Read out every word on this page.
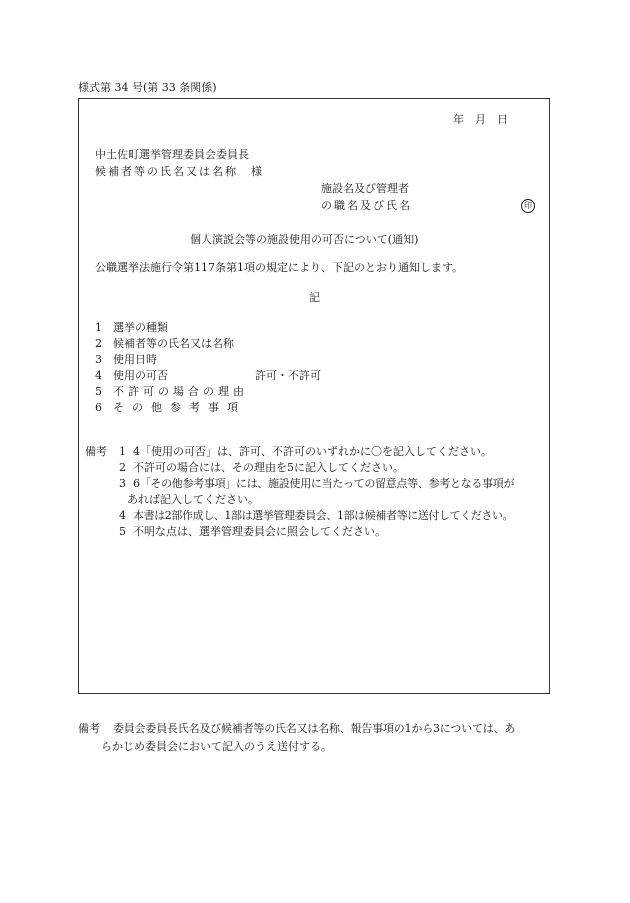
様式第 34 号(第 33 条関係)
年　月　日
中土佐町選挙管理委員会委員長
候補者等の氏名又は名称　様
施設名及び管理者
の職名及び氏名	印
個人演説会等の施設使用の可否について(通知)
公職選挙法施行令第117条第1項の規定により、下記のとおり通知します。
記
1 選挙の種類
2 候補者等の氏名又は名称
3 使用日時
4 使用の可否	許可・不許可
5 不許可の場合の理由
6 その他参考事項
備考 1 4「使用の可否」は、許可、不許可のいずれかに〇を記入してください。
2 不許可の場合には、その理由を5に記入してください。
3 6「その他参考事項」には、施設使用に当たっての留意点等、参考となる事項が
あれば記入してください。
4 本書は2部作成し、1部は選挙管理委員会、1部は候補者等に送付してください。
5 不明な点は、選挙管理委員会に照会してください。
備考 委員会委員長氏名及び候補者等の氏名又は名称、報告事項の1から3については、あ
らかじめ委員会において記入のうえ送付する。
